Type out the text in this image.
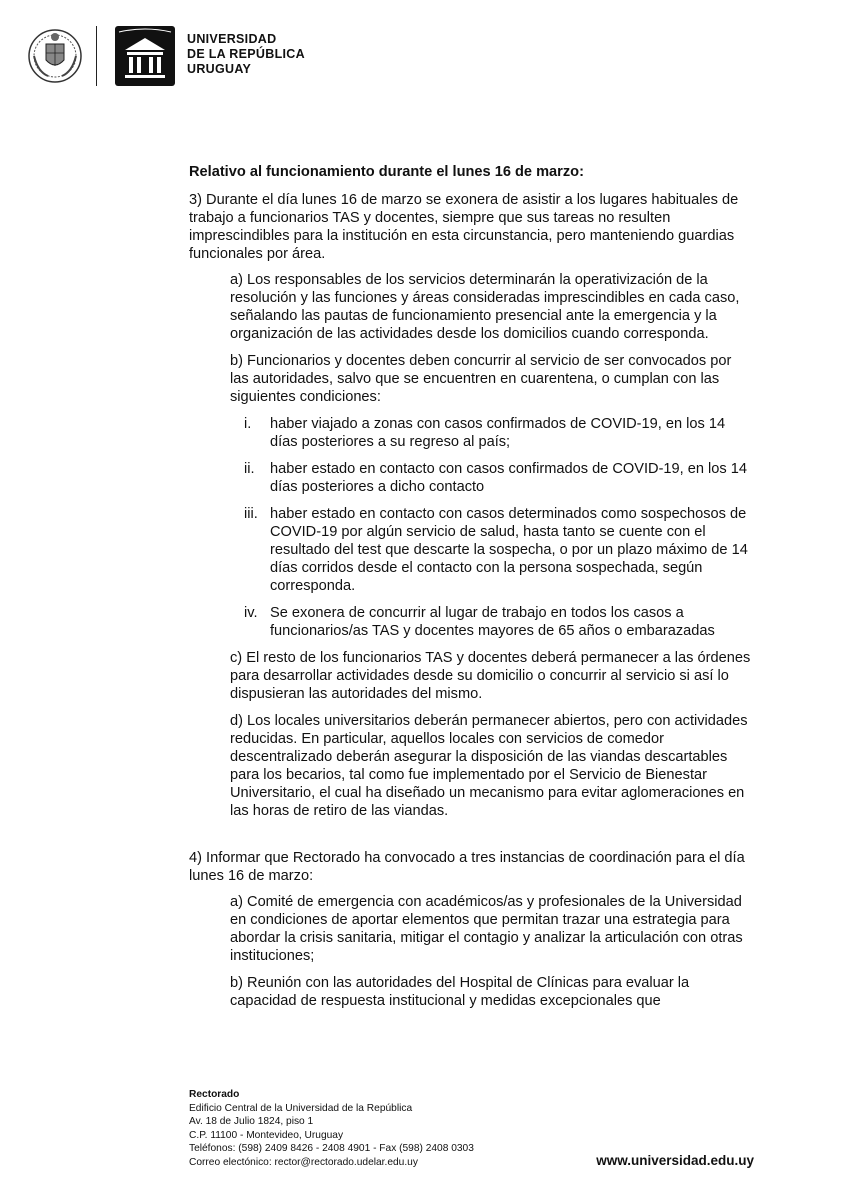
UNIVERSIDAD
DE LA REPÚBLICA
URUGUAY

Relativo al funcionamiento durante el lunes 16 de marzo:

3) Durante el día lunes 16 de marzo se exonera de asistir a los lugares habituales de trabajo a funcionarios TAS y docentes, siempre que sus tareas no resulten imprescindibles para la institución en esta circunstancia, pero manteniendo guardias funcionales por área.

a) Los responsables de los servicios determinarán la operativización de la resolución y las funciones y áreas consideradas imprescindibles en cada caso, señalando las pautas de funcionamiento presencial ante la emergencia y la organización de las actividades desde los domicilios cuando corresponda.

b) Funcionarios y docentes deben concurrir al servicio de ser convocados por las autoridades, salvo que se encuentren en cuarentena, o cumplan con las siguientes condiciones:

i.	haber viajado a zonas con casos confirmados de COVID-19, en los 14 días posteriores a su regreso al país;
ii.	haber estado en contacto con casos confirmados de COVID-19, en los 14 días posteriores a dicho contacto
iii. haber estado en contacto con casos determinados como sospechosos de COVID-19 por algún servicio de salud, hasta tanto se cuente con el resultado del test que descarte la sospecha, o por un plazo máximo de 14 días corridos desde el contacto con la persona sospechada, según corresponda.
iv. Se exonera de concurrir al lugar de trabajo en todos los casos a funcionarios/as TAS y docentes mayores de 65 años o embarazadas

c) El resto de los funcionarios TAS y docentes deberá permanecer a las órdenes para desarrollar actividades desde su domicilio o concurrir al servicio si así lo dispusieran las autoridades del mismo.

d) Los locales universitarios deberán permanecer abiertos, pero con actividades reducidas. En particular, aquellos locales con servicios de comedor descentralizado deberán asegurar la disposición de las viandas descartables para los becarios, tal como fue implementado por el Servicio de Bienestar Universitario, el cual ha diseñado un mecanismo para evitar aglomeraciones en las horas de retiro de las viandas.

4) Informar que Rectorado ha convocado a tres instancias de coordinación para el día lunes 16 de marzo:

a) Comité de emergencia con académicos/as y profesionales de la Universidad en condiciones de aportar elementos que permitan trazar una estrategia para abordar la crisis sanitaria, mitigar el contagio y analizar la articulación con otras instituciones;

b) Reunión con las autoridades del Hospital de Clínicas para evaluar la capacidad de respuesta institucional y medidas excepcionales que

Rectorado
Edificio Central de la Universidad de la República
Av. 18 de Julio 1824, piso 1
C.P. 11100 - Montevideo, Uruguay
Teléfonos: (598) 2409 8426 - 2408 4901 - Fax (598) 2408 0303
Correo electónico: rector@rectorado.udelar.edu.uy	www.universidad.edu.uy
